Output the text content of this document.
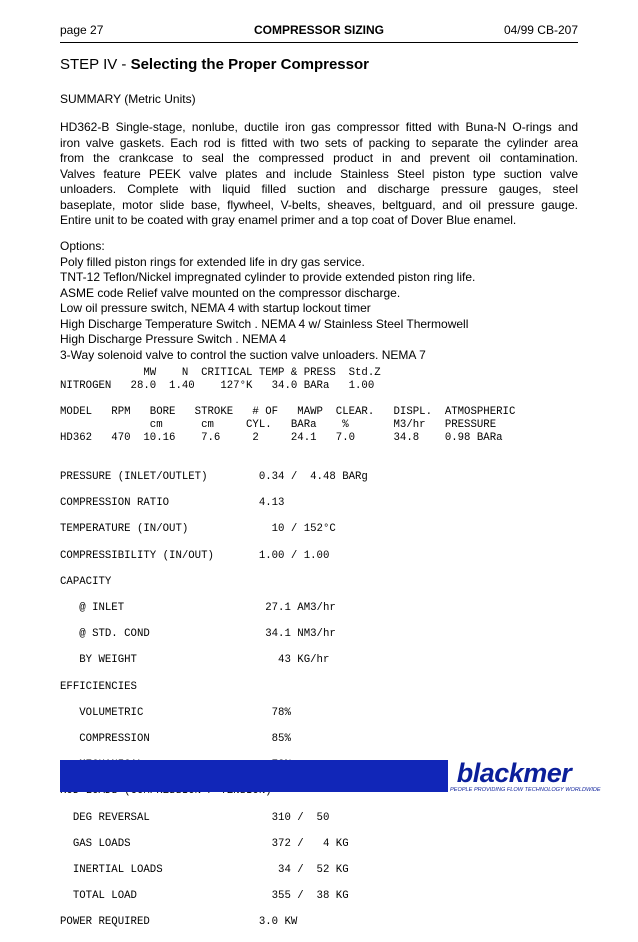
page 27	COMPRESSOR SIZING	04/99 CB-207
STEP IV - Selecting the Proper Compressor
SUMMARY (Metric Units)
HD362-B Single-stage, nonlube, ductile iron gas compressor fitted with Buna-N O-rings and
iron valve gaskets. Each rod is fitted with two sets of packing to separate the cylinder area
from the crankcase to seal the compressed product in and prevent oil contamination.
Valves feature PEEK valve plates and include Stainless Steel piston type suction valve
unloaders. Complete with liquid filled suction and discharge pressure gauges, steel
baseplate, motor slide base, flywheel, V-belts, sheaves, beltguard, and oil pressure gauge.
Entire unit to be coated with gray enamel primer and a top coat of Dover Blue enamel.
Options:
Poly filled piston rings for extended life in dry gas service.
TNT-12 Teflon/Nickel impregnated cylinder to provide extended piston ring life.
ASME code Relief valve mounted on the compressor discharge.
Low oil pressure switch, NEMA 4 with startup lockout timer
High Discharge Temperature Switch . NEMA 4 w/ Stainless Steel Thermowell
High Discharge Pressure Switch . NEMA 4
3-Way solenoid valve to control the suction valve unloaders. NEMA 7
MW    N  CRITICAL TEMP & PRESS  Std.Z
NITROGEN   28.0  1.40    127°K   34.0 BARa   1.00
MODEL   RPM   BORE   STROKE   # OF   MAWP  CLEAR.   DISPL.  ATMOSPHERIC
cm      cm     CYL.   BARa    %       M3/hr   PRESSURE
HD362   470  10.16    7.6     2     24.1   7.0      34.8    0.98 BARa

PRESSURE (INLET/OUTLET)        0.34 /  4.48 BARg

COMPRESSION RATIO              4.13

TEMPERATURE (IN/OUT)             10 / 152°C

COMPRESSIBILITY (IN/OUT)       1.00 / 1.00

CAPACITY

@ INLET                      27.1 AM3/hr

@ STD. COND                  34.1 NM3/hr

BY WEIGHT                      43 KG/hr

EFFICIENCIES

VOLUMETRIC                    78%

COMPRESSION                   85%

DEG REVERSAL                   310 /  50

GAS LOADS                      372 /   4 KG

INERTIAL LOADS                  34 /  52 KG

TOTAL LOAD                     355 /  38 KG

POWER REQUIRED                 3.0 KW

blackmer
PEOPLE PROVIDING FLOW TECHNOLOGY WORLDWIDE
